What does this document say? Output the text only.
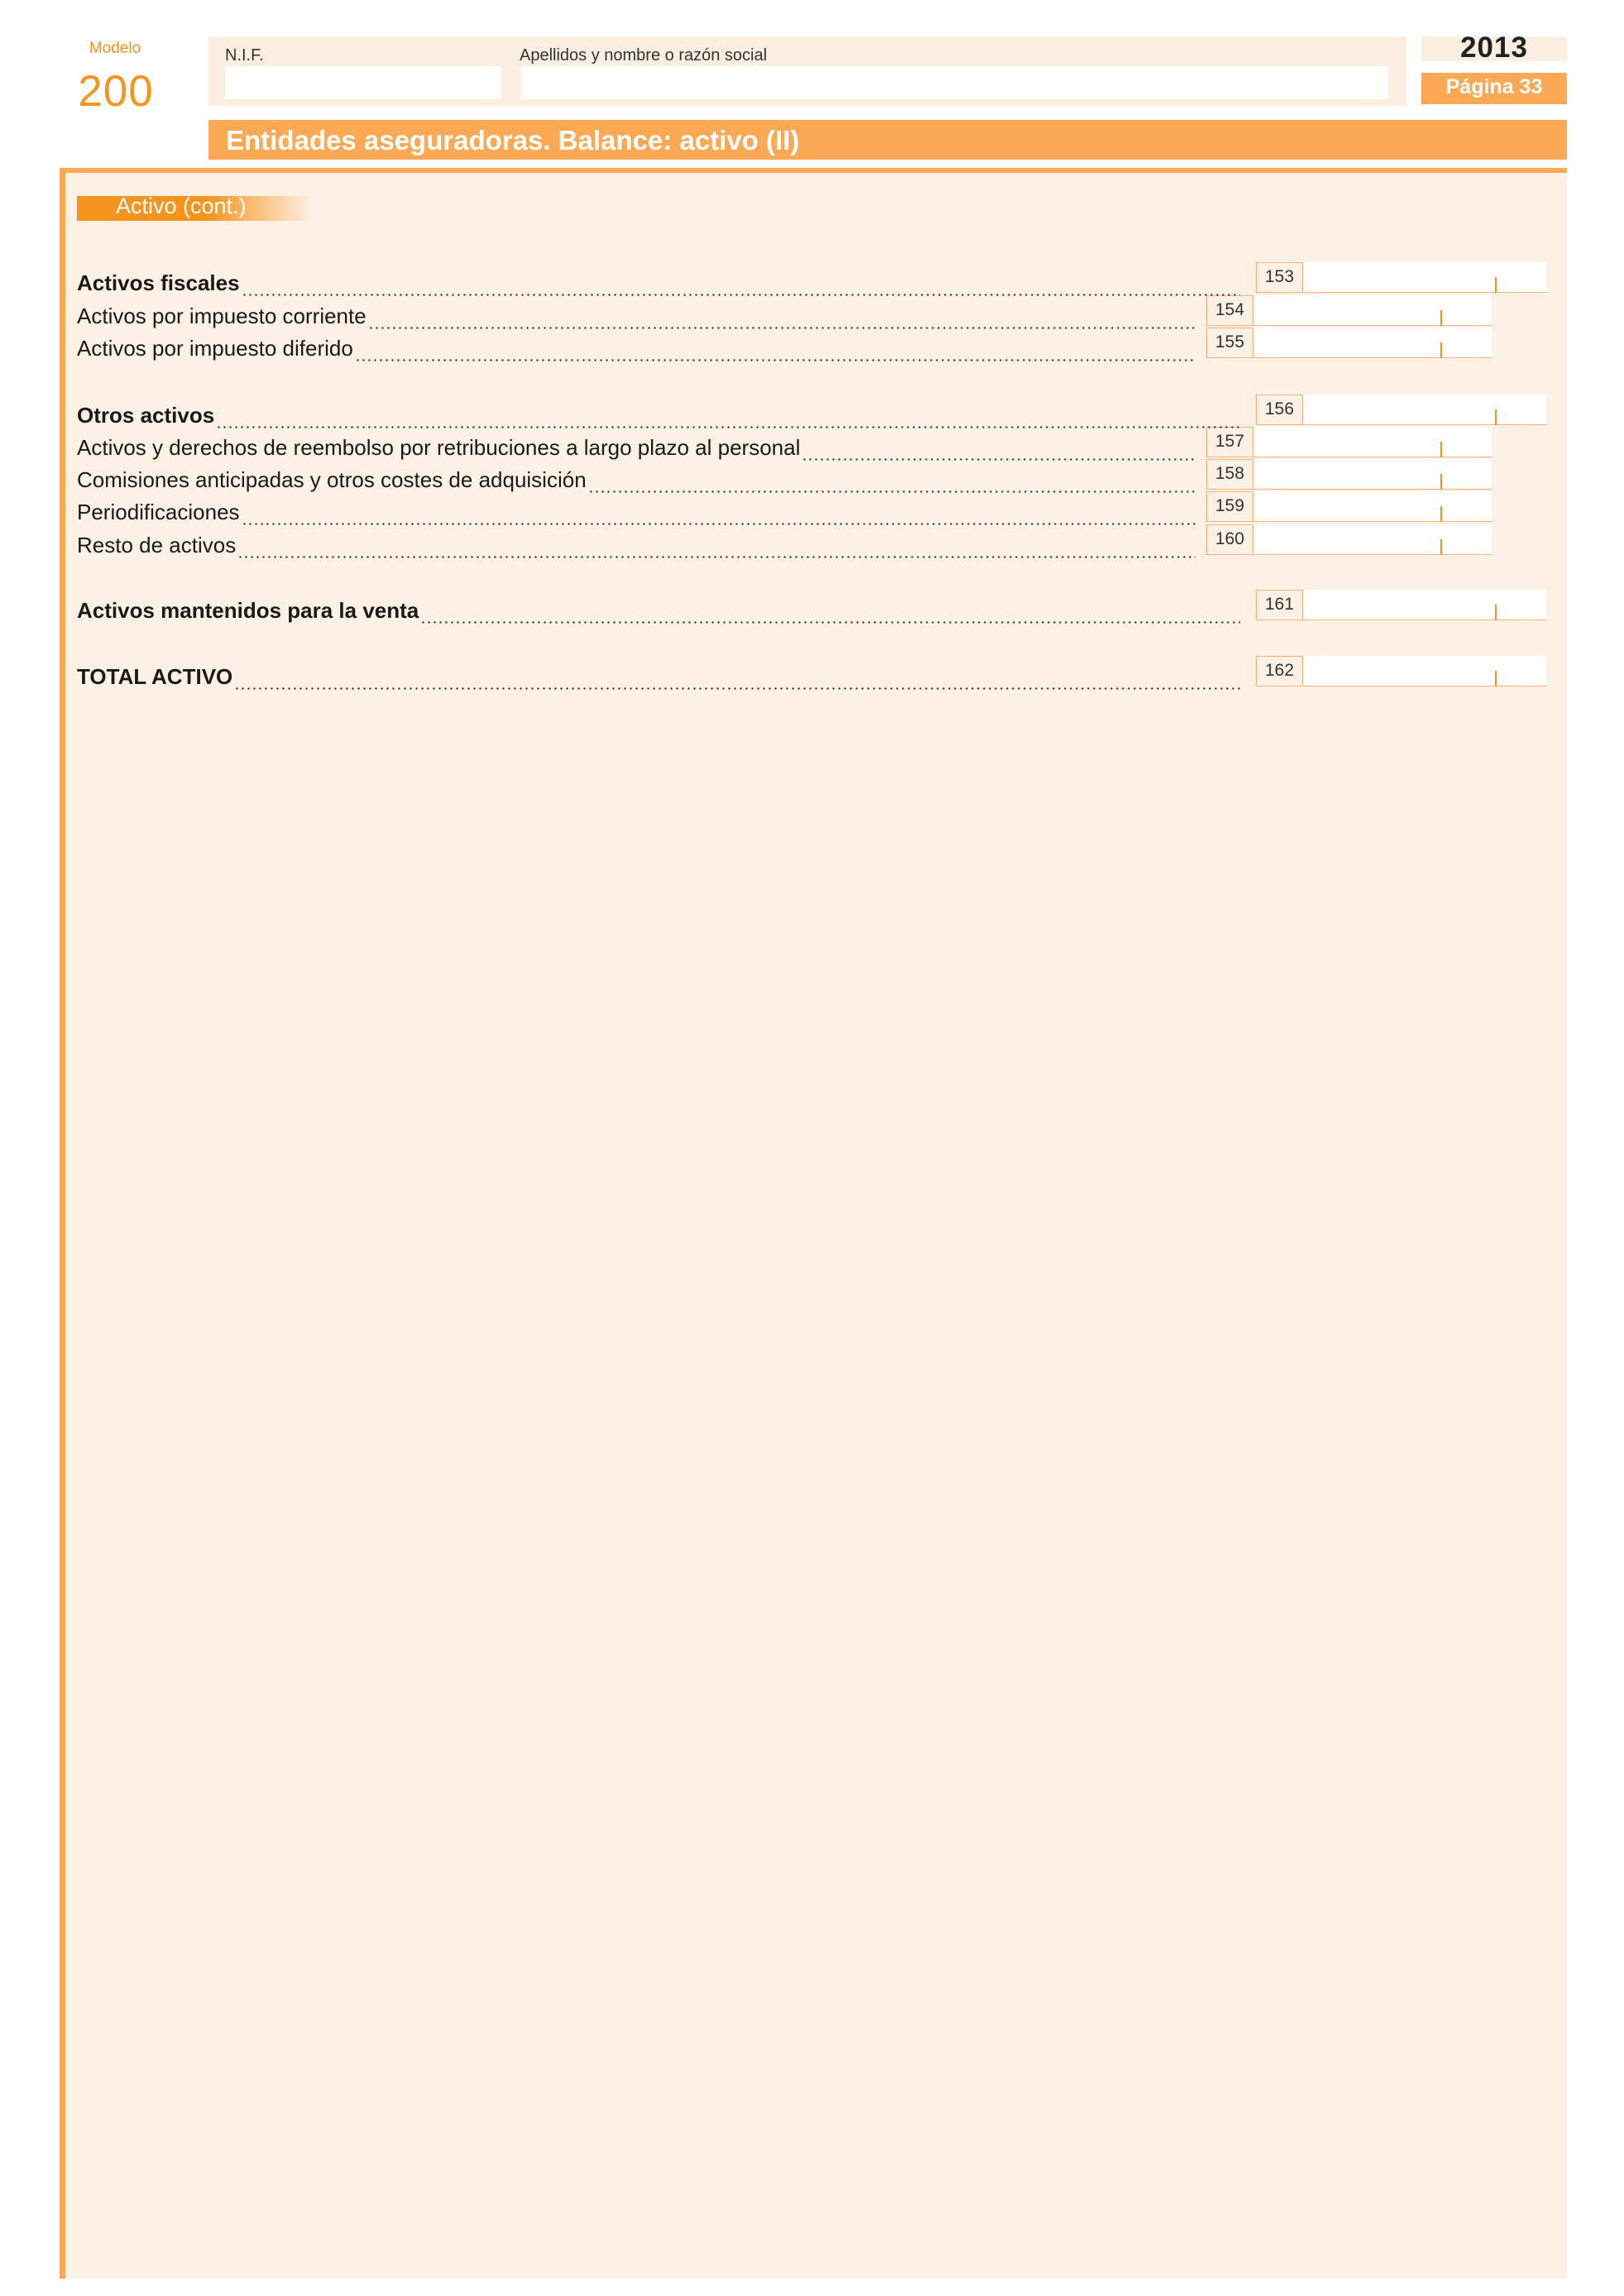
Modelo
200
N.I.F.	Apellidos y nombre o razón social	2013
Página 33
Entidades aseguradoras. Balance: activo (II)
Activo (cont.)
Activos fiscales	153
Activos por impuesto corriente	154
Activos por impuesto diferido	155
Otros activos	156
Activos y derechos de reembolso por retribuciones a largo plazo al personal	157
Comisiones anticipadas y otros costes de adquisición	158
Periodificaciones	159
Resto de activos	160
Activos mantenidos para la venta	161
TOTAL ACTIVO	162
